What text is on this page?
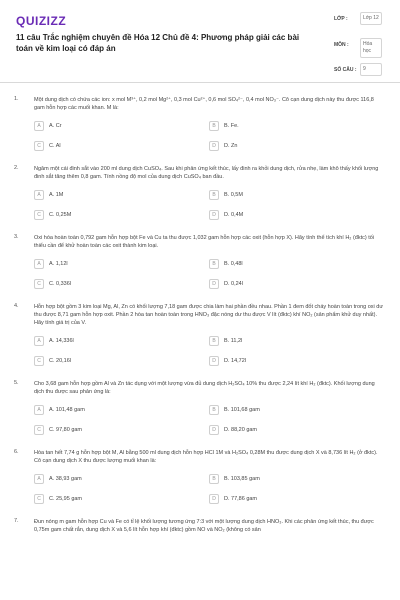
QUIZIZZ
11 câu Trắc nghiệm chuyên đề Hóa 12 Chủ đề 4: Phương pháp giải các bài toán về kim loại có đáp án
LỚP :	Lớp 12
MÔN :	Hóa học
SỐ CÂU :	9
1.	Một dung dịch có chứa các ion: x mol M³⁺, 0,2 mol Mg²⁺, 0,3 mol Cu²⁺, 0,6 mol SO₄²⁻, 0,4 mol NO₃⁻. Cô cạn dung dịch này thu được 116,8 gam hỗn hợp các muối khan. M là:
A	A. Cr	B	B. Fe.
C	C. Al	D	D. Zn
2.	Ngâm một cái đinh sắt vào 200 ml dung dịch CuSO₄. Sau khi phản ứng kết thúc, lấy đinh ra khỏi dung dịch, rửa nhẹ, làm khô thấy khối lượng đinh sắt tăng thêm 0,8 gam. Tính nồng độ mol của dung dịch CuSO₄ ban đầu.
A	A. 1M	B	B. 0,5M
C	C. 0,25M	D	D. 0,4M
3.	Oxi hóa hoàn toàn 0,792 gam hỗn hợp bột Fe và Cu ta thu được 1,032 gam hỗn hợp các oxit (hỗn hợp X). Hãy tính thể tích khí H₂ (đktc) tối thiểu cần để khử hoàn toàn các oxit thành kim loại.
A	A. 1,12l	B	B. 0,48l
C	C. 0,336l	D	D. 0,24l
4.	Hỗn hợp bột gồm 3 kim loại Mg, Al, Zn có khối lượng 7,18 gam được chia làm hai phần đều nhau. Phần 1 đem đốt cháy hoàn toàn trong oxi dư thu được 8,71 gam hỗn hợp oxit. Phần 2 hòa tan hoàn toàn trong HNO₃ đặc nóng dư thu được V lít (đktc) khí NO₂ (sản phẩm khử duy nhất). Hãy tính giá trị của V.
A	A. 14,336l	B	B. 11,2l
C	C. 20,16l	D	D. 14,72l
5.	Cho 3,68 gam hỗn hợp gồm Al và Zn tác dụng với một lượng vừa đủ dung dịch H₂SO₄ 10% thu được 2,24 lít khí H₂ (đktc). Khối lượng dung dịch thu được sau phản ứng là:
A	A. 101,48 gam	B	B. 101,68 gam
C	C. 97,80 gam	D	D. 88,20 gam
6.	Hòa tan hết 7,74 g hỗn hợp bột M, Al bằng 500 ml dung dịch hỗn hợp HCl 1M và H₂SO₄ 0,28M thu được dung dịch X và 8,736 lít H₂ (ở đktc). Cô cạn dung dịch X thu được lượng muối khan là:
A	A. 38,93 gam	B	B. 103,85 gam
C	C. 25,95 gam	D	D. 77,86 gam
7.	Đun nóng m gam hỗn hợp Cu và Fe có tỉ lệ khối lượng tương ứng 7:3 với một lượng dung dịch HNO₃. Khi các phản ứng kết thúc, thu được 0,75m gam chất rắn, dung dịch X và 5,6 lít hỗn hợp khí (đktc) gồm NO và NO₂ (không có sản
